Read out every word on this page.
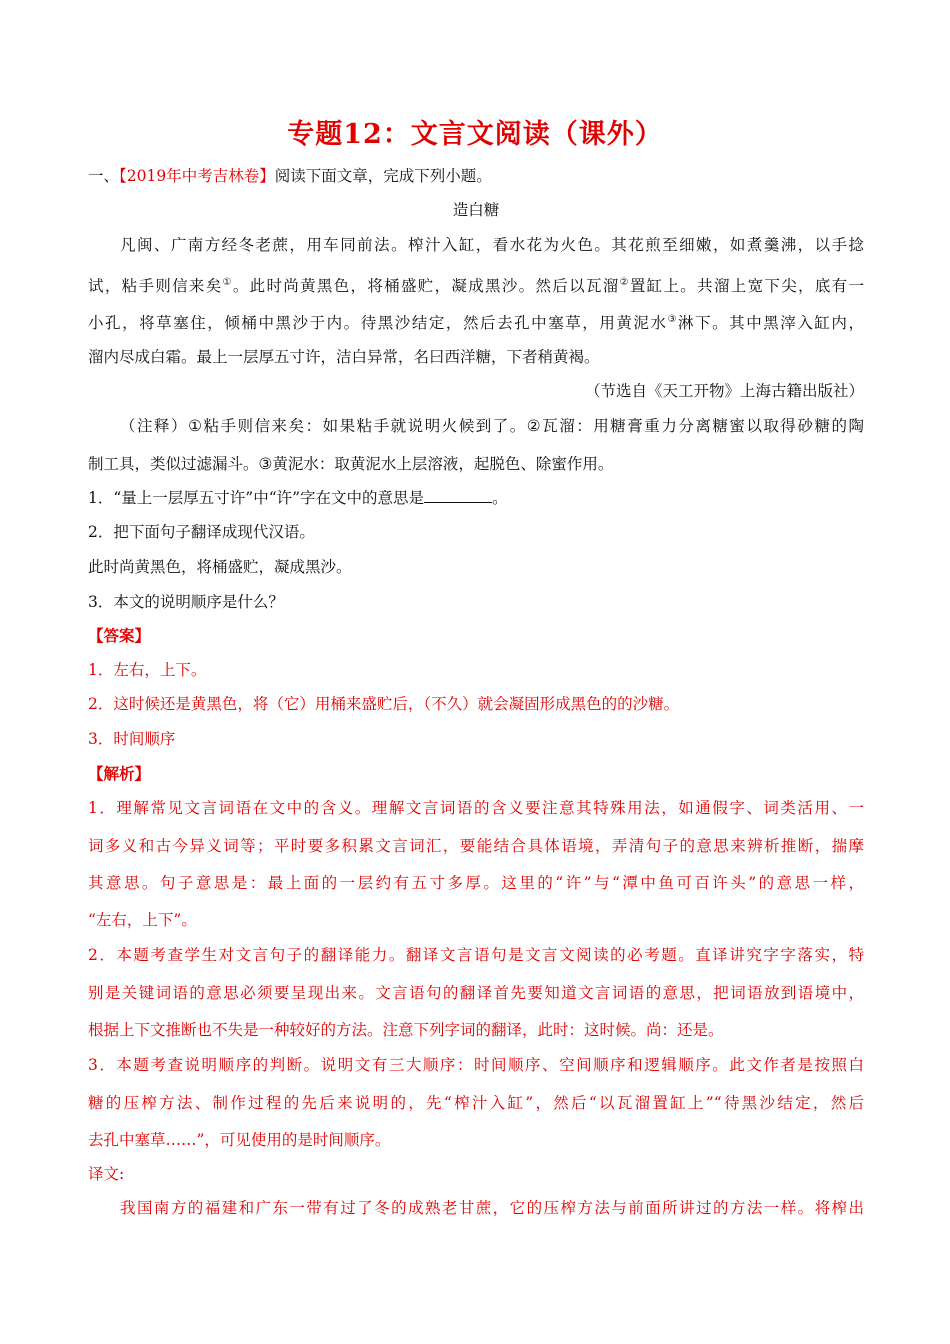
专题12：文言文阅读（课外）
一、【2019年中考吉林卷】阅读下面文章，完成下列小题。
造白糖
凡闽、广南方经冬老蔗，用车同前法。榨汁入缸，看水花为火色。其花煎至细嫩，如煮羹沸，以手捻
试，粘手则信来矣①。此时尚黄黑色，将桶盛贮，凝成黑沙。然后以瓦溜②置缸上。共溜上宽下尖，底有一
小孔，将草塞住，倾桶中黑沙于内。待黑沙结定，然后去孔中塞草，用黄泥水③淋下。其中黑滓入缸内，
溜内尽成白霜。最上一层厚五寸许，洁白异常，名曰西洋糖，下者稍黄褐。
（节选自《天工开物》上海古籍出版社）
（注释）①粘手则信来矣：如果粘手就说明火候到了。②瓦溜：用糖膏重力分离糖蜜以取得砂糖的陶
制工具，类似过滤漏斗。③黄泥水：取黄泥水上层溶液，起脱色、除蜜作用。
1．“量上一层厚五寸许”中“许”字在文中的意思是	。
2．把下面句子翻译成现代汉语。
此时尚黄黑色，将桶盛贮，凝成黑沙。
3．本文的说明顺序是什么？
【答案】
1．左右，上下。
2．这时候还是黄黑色，将（它）用桶来盛贮后，（不久）就会凝固形成黑色的的沙糖。
3．时间顺序
【解析】
1．理解常见文言词语在文中的含义。理解文言词语的含义要注意其特殊用法，如通假字、词类活用、一
词多义和古今异义词等；平时要多积累文言词汇，要能结合具体语境，弄清句子的意思来辨析推断，揣摩
其意思。句子意思是：最上面的一层约有五寸多厚。这里的“许”与“潭中鱼可百许头”的意思一样，
“左右，上下”。
2．本题考查学生对文言句子的翻译能力。翻译文言语句是文言文阅读的必考题。直译讲究字字落实，特
别是关键词语的意思必须要呈现出来。文言语句的翻译首先要知道文言词语的意思，把词语放到语境中，
根据上下文推断也不失是一种较好的方法。注意下列字词的翻译，此时：这时候。尚：还是。
3．本题考查说明顺序的判断。说明文有三大顺序：时间顺序、空间顺序和逻辑顺序。此文作者是按照白
糖的压榨方法、制作过程的先后来说明的，先“榨汁入缸”，然后“以瓦溜置缸上”“待黑沙结定，然后
去孔中塞草……”，可见使用的是时间顺序。
译文:
我国南方的福建和广东一带有过了冬的成熟老甘蔗，它的压榨方法与前面所讲过的方法一样。将榨出
